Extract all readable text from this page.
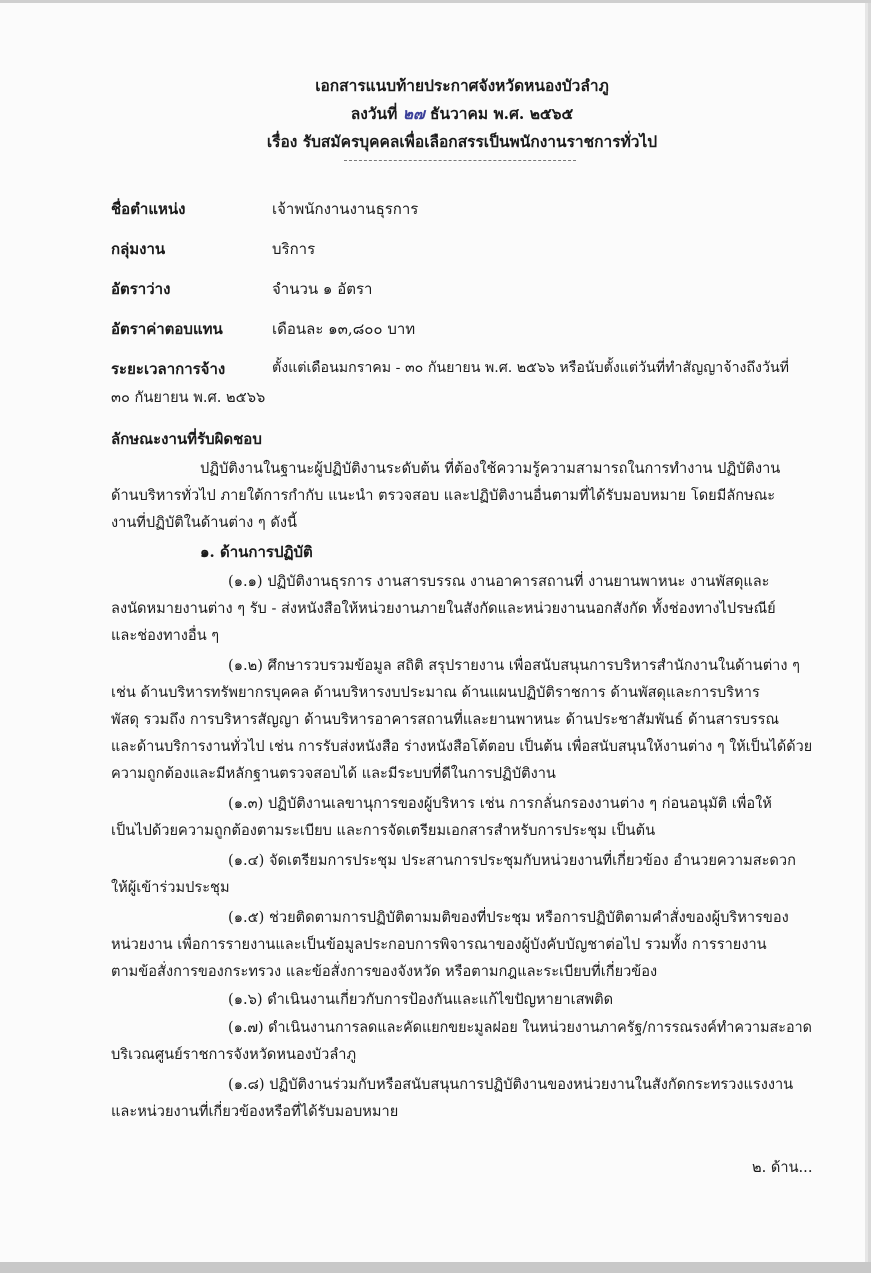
เอกสารแนบท้ายประกาศจังหวัดหนองบัวลำภู
ลงวันที่ ๒๗ ธันวาคม พ.ศ. ๒๕๖๕
เรื่อง รับสมัครบุคคลเพื่อเลือกสรรเป็นพนักงานราชการทั่วไป
ชื่อตำแหน่ง	เจ้าพนักงานงานธุรการ
กลุ่มงาน	บริการ
อัตราว่าง	จำนวน ๑ อัตรา
อัตราค่าตอบแทน	เดือนละ ๑๓,๘๐๐ บาท
ระยะเวลาการจ้าง	ตั้งแต่เดือนมกราคม - ๓๐ กันยายน พ.ศ. ๒๕๖๖ หรือนับตั้งแต่วันที่ทำสัญญาจ้างถึงวันที่
๓๐ กันยายน พ.ศ. ๒๕๖๖
ลักษณะงานที่รับผิดชอบ
ปฏิบัติงานในฐานะผู้ปฏิบัติงานระดับต้น ที่ต้องใช้ความรู้ความสามารถในการทำงาน ปฏิบัติงาน
ด้านบริหารทั่วไป ภายใต้การกำกับ แนะนำ ตรวจสอบ และปฏิบัติงานอื่นตามที่ได้รับมอบหมาย โดยมีลักษณะ
งานที่ปฏิบัติในด้านต่าง ๆ ดังนี้
๑. ด้านการปฏิบัติ
(๑.๑) ปฏิบัติงานธุรการ งานสารบรรณ งานอาคารสถานที่ งานยานพาหนะ งานพัสดุและ
ลงนัดหมายงานต่าง ๆ รับ - ส่งหนังสือให้หน่วยงานภายในสังกัดและหน่วยงานนอกสังกัด ทั้งช่องทางไปรษณีย์
และช่องทางอื่น ๆ
(๑.๒) ศึกษารวบรวมข้อมูล สถิติ สรุปรายงาน เพื่อสนับสนุนการบริหารสำนักงานในด้านต่าง ๆ
เช่น ด้านบริหารทรัพยากรบุคคล ด้านบริหารงบประมาณ ด้านแผนปฏิบัติราชการ ด้านพัสดุและการบริหาร
พัสดุ รวมถึง การบริหารสัญญา ด้านบริหารอาคารสถานที่และยานพาหนะ ด้านประชาสัมพันธ์ ด้านสารบรรณ
และด้านบริการงานทั่วไป เช่น การรับส่งหนังสือ ร่างหนังสือโต้ตอบ เป็นต้น เพื่อสนับสนุนให้งานต่าง ๆ ให้เป็นได้ด้วย
ความถูกต้องและมีหลักฐานตรวจสอบได้ และมีระบบที่ดีในการปฏิบัติงาน
(๑.๓) ปฏิบัติงานเลขานุการของผู้บริหาร เช่น การกลั่นกรองงานต่าง ๆ ก่อนอนุมัติ เพื่อให้
เป็นไปด้วยความถูกต้องตามระเบียบ และการจัดเตรียมเอกสารสำหรับการประชุม เป็นต้น
(๑.๔) จัดเตรียมการประชุม ประสานการประชุมกับหน่วยงานที่เกี่ยวข้อง อำนวยความสะดวก
ให้ผู้เข้าร่วมประชุม
(๑.๕) ช่วยติดตามการปฏิบัติตามมติของที่ประชุม หรือการปฏิบัติตามคำสั่งของผู้บริหารของ
หน่วยงาน เพื่อการรายงานและเป็นข้อมูลประกอบการพิจารณาของผู้บังคับบัญชาต่อไป รวมทั้ง การรายงาน
ตามข้อสั่งการของกระทรวง และข้อสั่งการของจังหวัด หรือตามกฎและระเบียบที่เกี่ยวข้อง
(๑.๖) ดำเนินงานเกี่ยวกับการป้องกันและแก้ไขปัญหายาเสพติด
(๑.๗) ดำเนินงานการลดและคัดแยกขยะมูลฝอย ในหน่วยงานภาครัฐ/การรณรงค์ทำความสะอาด
บริเวณศูนย์ราชการจังหวัดหนองบัวลำภู
(๑.๘) ปฏิบัติงานร่วมกับหรือสนับสนุนการปฏิบัติงานของหน่วยงานในสังกัดกระทรวงแรงงาน
และหน่วยงานที่เกี่ยวข้องหรือที่ได้รับมอบหมาย
๒. ด้าน...
